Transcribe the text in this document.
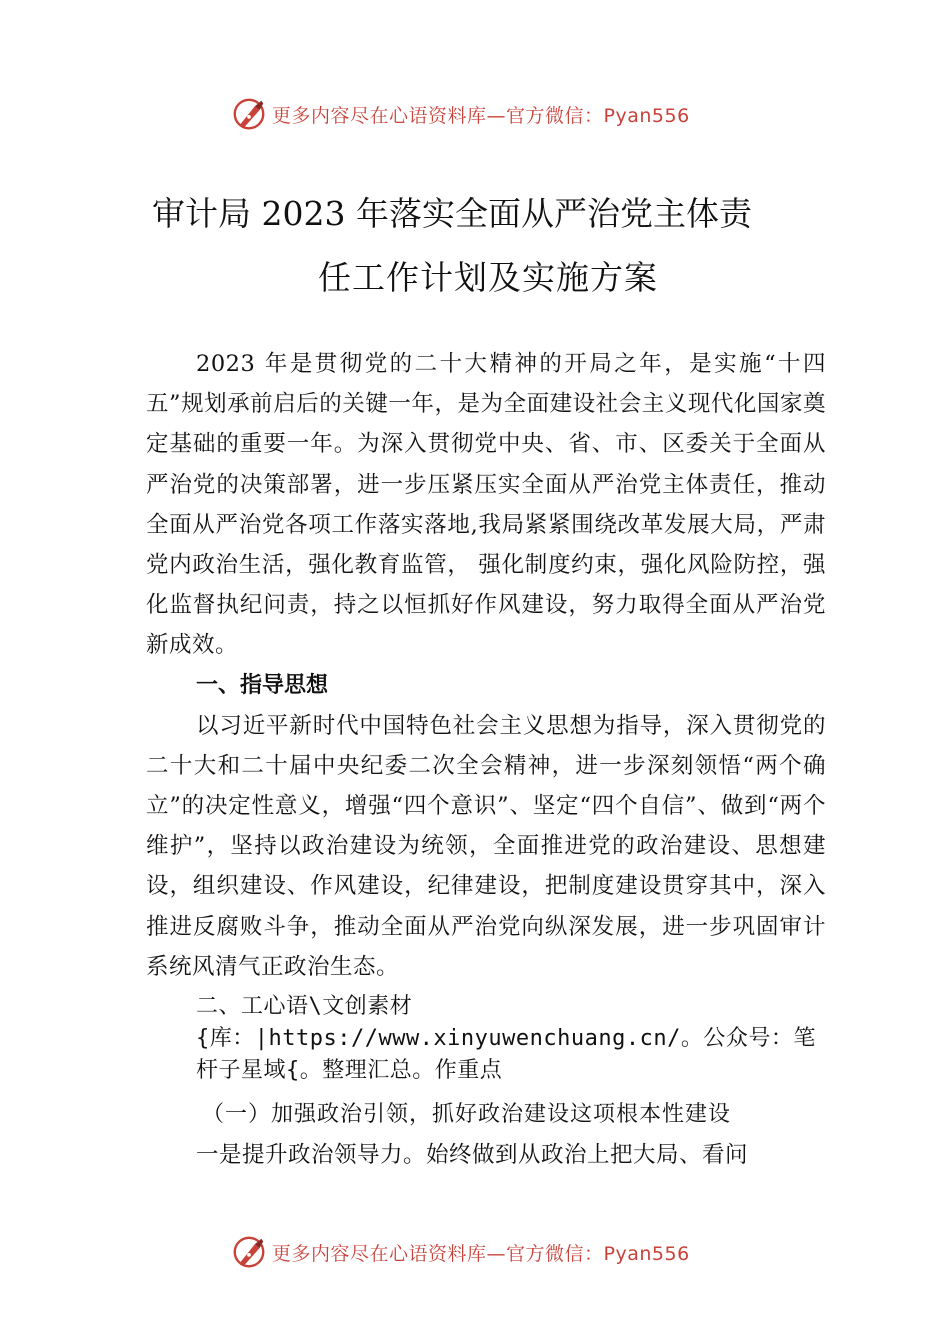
更多内容尽在心语资料库—官方微信：Pyan556
审计局 2023 年落实全面从严治党主体责
任工作计划及实施方案

2023 年是贯彻党的二十大精神的开局之年，是实施“十四五”规划承前启后的关键一年，是为全面建设社会主义现代化国家奠定基础的重要一年。为深入贯彻党中央、省、市、区委关于全面从严治党的决策部署，进一步压紧压实全面从严治党主体责任，推动全面从严治党各项工作落实落地,我局紧紧围绕改革发展大局，严肃党内政治生活，强化教育监管， 强化制度约束，强化风险防控，强化监督执纪问责，持之以恒抓好作风建设，努力取得全面从严治党新成效。

一、指导思想

以习近平新时代中国特色社会主义思想为指导，深入贯彻党的二十大和二十届中央纪委二次全会精神，进一步深刻领悟“两个确立”的决定性意义，增强“四个意识”、坚定“四个自信”、做到“两个维护”，坚持以政治建设为统领，全面推进党的政治建设、思想建设，组织建设、作风建设，纪律建设，把制度建设贯穿其中，深入推进反腐败斗争，推动全面从严治党向纵深发展，进一步巩固审计系统风清气正政治生态。

二、工心语\文创素材{库：|https://www.xinyuwenchuang.cn/。公众号：笔杆子星域{。整理汇总。作重点

（一）加强政治引领，抓好政治建设这项根本性建设

一是提升政治领导力。始终做到从政治上把大局、看问

更多内容尽在心语资料库—官方微信：Pyan556
